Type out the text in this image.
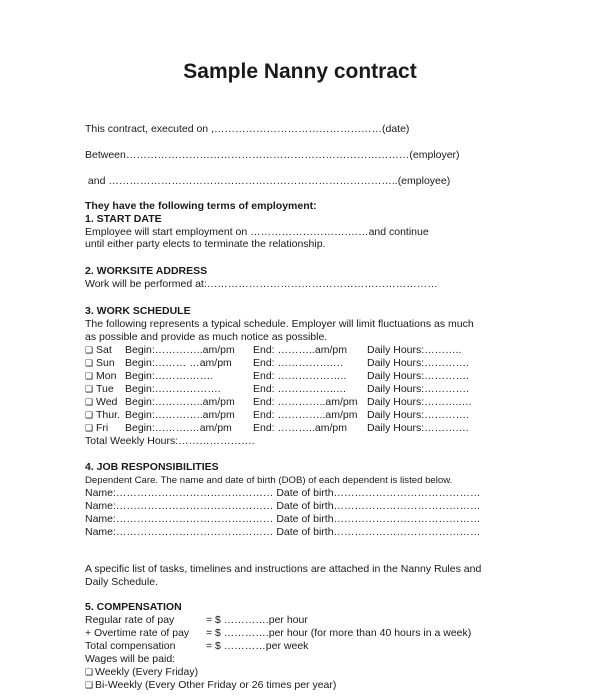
Sample Nanny contract
This contract, executed on ,…………………………………………(date)
Between………………………………………………………………………(employer)
and ………………………………………………………………………..(employee)
They have the following terms of employment:
1. START DATE
Employee will start employment on ……………………….……and continue
until either party elects to terminate the relationship.
2. WORKSITE ADDRESS
Work will be performed at:…………………………………………………………
3. WORK SCHEDULE
The following represents a typical schedule. Employer will limit fluctuations as much
as possible and provide as much notice as possible.
❑ Sat Begin:…………..am/pm End: ………..am/pm Daily Hours:………..
❑ Sun Begin:……… …am/pm End: …………….… Daily Hours:………….
❑ Mon Begin:……….…….	End: ……………….. Daily Hours:………….
❑ Tue Begin:……………….	End: ……………..… Daily Hours:………….
❑ Wed Begin:…………..am/pm End: …………..am/pm Daily Hours:………..…
❑ Thur. Begin:…………..am/pm End: …………..am/pm Daily Hours:………….
❑ Fri Begin:……….…am/pm End: ………..am/pm Daily Hours:……….…
Total Weekly Hours:………………….
4. JOB RESPONSIBILITIES
Dependent Care. The name and date of birth (DOB) of each dependent is listed below.
Name:……………………………………… Date of birth……………………………………
Name:……………………………………… Date of birth……………………………………
Name:……………………………………… Date of birth……………………………………
Name:……………………………………… Date of birth……………………………………
A specific list of tasks, timelines and instructions are attached in the Nanny Rules and
Daily Schedule.
5. COMPENSATION
Regular rate of pay	= $ ………….per hour
+ Overtime rate of pay = $ ………….per hour (for more than 40 hours in a week)
Total compensation	= $ …………per week
Wages will be paid:
❑ Weekly (Every Friday)
❑ Bi-Weekly (Every Other Friday or 26 times per year)
